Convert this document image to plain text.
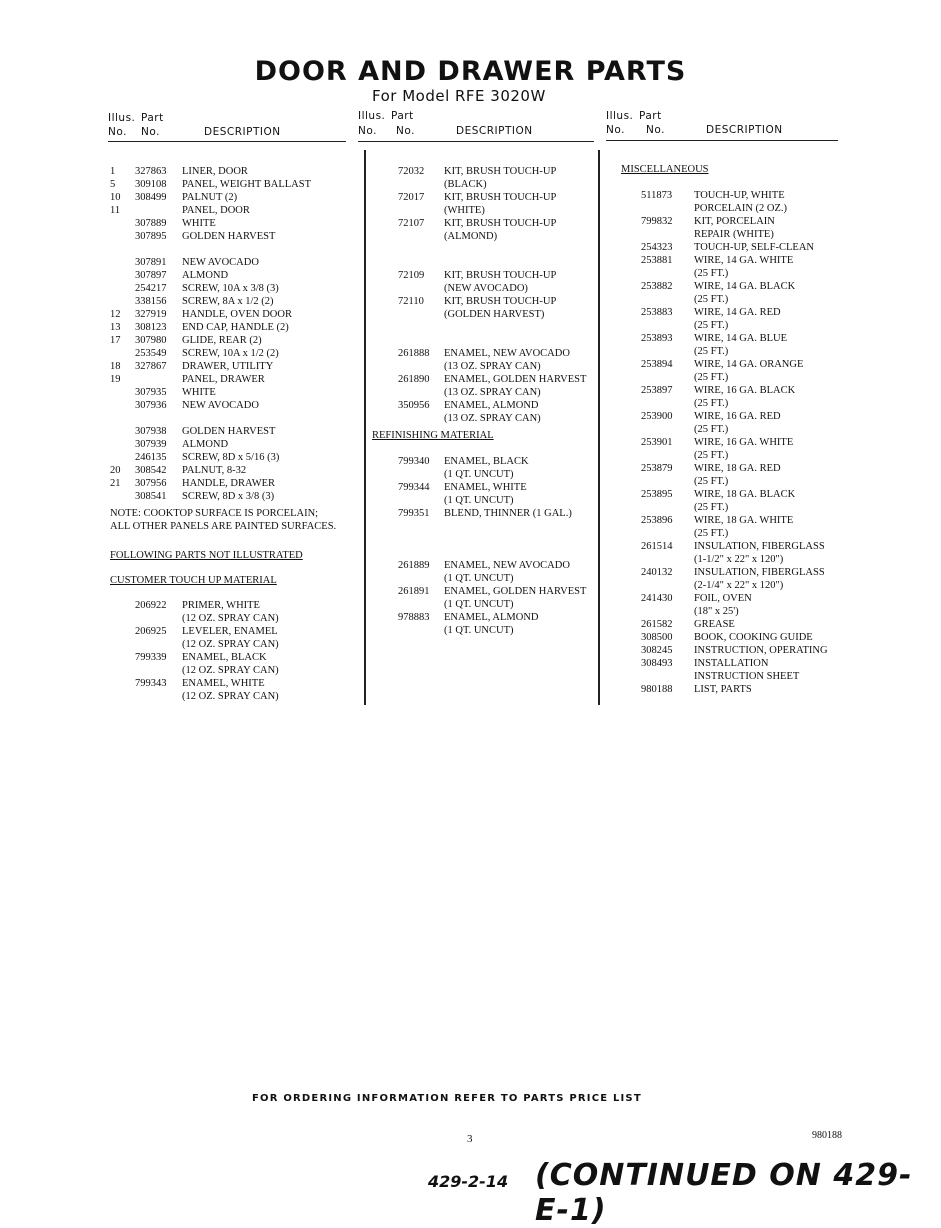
DOOR AND DRAWER PARTS
For Model RFE 3020W
Illus. Part
No. No.	DESCRIPTION
Illus. Part
No. No.	DESCRIPTION
Illus. Part
No. No.	DESCRIPTION
1 327863 LINER, DOOR
5 309108 PANEL, WEIGHT BALLAST
10 308499 PALNUT (2)
11	PANEL, DOOR
307889 WHITE
307895 GOLDEN HARVEST
307891 NEW AVOCADO
307897 ALMOND
254217 SCREW, 10A x 3/8 (3)
338156 SCREW, 8A x 1/2 (2)
12 327919 HANDLE, OVEN DOOR
13 308123 END CAP, HANDLE (2)
17 307980 GLIDE, REAR (2)
253549 SCREW, 10A x 1/2 (2)
18 327867 DRAWER, UTILITY
19	PANEL, DRAWER
307935 WHITE
307936 NEW AVOCADO
307938 GOLDEN HARVEST
307939 ALMOND
246135 SCREW, 8D x 5/16 (3)
20 308542 PALNUT, 8-32
21 307956 HANDLE, DRAWER
308541 SCREW, 8D x 3/8 (3)
NOTE: COOKTOP SURFACE IS PORCELAIN;
ALL OTHER PANELS ARE PAINTED SURFACES.
FOLLOWING PARTS NOT ILLUSTRATED
CUSTOMER TOUCH UP MATERIAL
206922 PRIMER, WHITE
(12 OZ. SPRAY CAN)
206925 LEVELER, ENAMEL
(12 OZ. SPRAY CAN)
799339 ENAMEL, BLACK
(12 OZ. SPRAY CAN)
799343 ENAMEL, WHITE
(12 OZ. SPRAY CAN)
72032 KIT, BRUSH TOUCH-UP
(BLACK)
72017 KIT, BRUSH TOUCH-UP
(WHITE)
72107 KIT, BRUSH TOUCH-UP
(ALMOND)
72109 KIT, BRUSH TOUCH-UP
(NEW AVOCADO)
72110 KIT, BRUSH TOUCH-UP
(GOLDEN HARVEST)
261888 ENAMEL, NEW AVOCADO
(13 OZ. SPRAY CAN)
261890 ENAMEL, GOLDEN HARVEST
(13 OZ. SPRAY CAN)
350956 ENAMEL, ALMOND
(13 OZ. SPRAY CAN)
REFINISHING MATERIAL
799340 ENAMEL, BLACK
(1 QT. UNCUT)
799344 ENAMEL, WHITE
(1 QT. UNCUT)
799351 BLEND, THINNER (1 GAL.)
261889 ENAMEL, NEW AVOCADO
(1 QT. UNCUT)
261891 ENAMEL, GOLDEN HARVEST
(1 QT. UNCUT)
978883 ENAMEL, ALMOND
(1 QT. UNCUT)
MISCELLANEOUS
511873 TOUCH-UP, WHITE
PORCELAIN (2 OZ.)
799832 KIT, PORCELAIN
REPAIR (WHITE)
254323 TOUCH-UP, SELF-CLEAN
253881 WIRE, 14 GA. WHITE
(25 FT.)
253882 WIRE, 14 GA. BLACK
(25 FT.)
253883 WIRE, 14 GA. RED
(25 FT.)
253893 WIRE, 14 GA. BLUE
(25 FT.)
253894 WIRE, 14 GA. ORANGE
(25 FT.)
253897 WIRE, 16 GA. BLACK
(25 FT.)
253900 WIRE, 16 GA. RED
(25 FT.)
253901 WIRE, 16 GA. WHITE
(25 FT.)
253879 WIRE, 18 GA. RED
(25 FT.)
253895 WIRE, 18 GA. BLACK
(25 FT.)
253896 WIRE, 18 GA. WHITE
(25 FT.)
261514 INSULATION, FIBERGLASS
(1-1/2" x 22" x 120")
240132 INSULATION, FIBERGLASS
(2-1/4" x 22" x 120")
241430 FOIL, OVEN
(18" x 25')
261582 GREASE
308500 BOOK, COOKING GUIDE
308245 INSTRUCTION, OPERATING
308493 INSTALLATION
INSTRUCTION SHEET
980188 LIST, PARTS
FOR ORDERING INFORMATION REFER TO PARTS PRICE LIST
3	980188
429-2-14 (CONTINUED ON 429-E-1)
